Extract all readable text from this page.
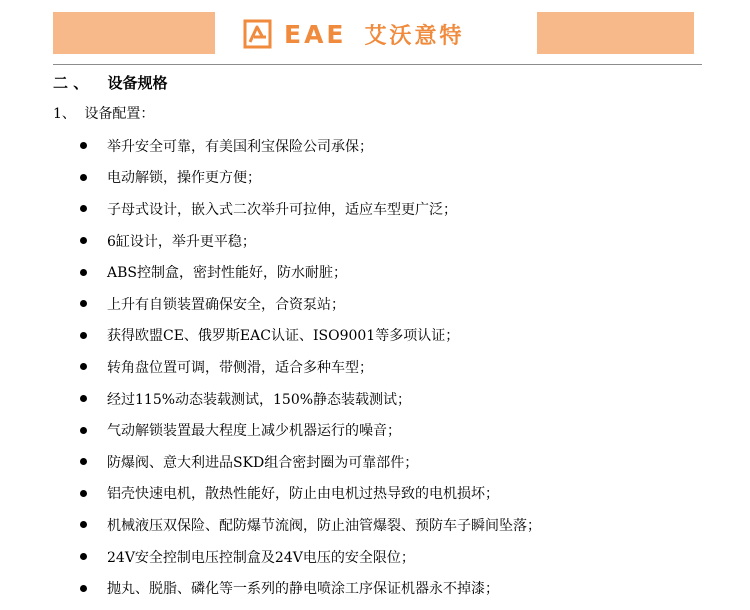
EAE 艾沃意特
二 、 设备规格
1、 设备配置：
举升安全可靠，有美国利宝保险公司承保；
电动解锁，操作更方便；
子母式设计，嵌入式二次举升可拉伸，适应车型更广泛；
6缸设计，举升更平稳；
ABS控制盒，密封性能好，防水耐脏；
上升有自锁装置确保安全，合资泵站；
获得欧盟CE、俄罗斯EAC认证、ISO9001等多项认证；
转角盘位置可调，带侧滑，适合多种车型；
经过115%动态装载测试，150%静态装载测试；
气动解锁装置最大程度上减少机器运行的噪音；
防爆阀、意大利进品SKD组合密封圈为可靠部件；
铝壳快速电机，散热性能好，防止由电机过热导致的电机损坏；
机械液压双保险、配防爆节流阀，防止油管爆裂、预防车子瞬间坠落；
24V安全控制电压控制盒及24V电压的安全限位；
抛丸、脱脂、磷化等一系列的静电喷涂工序保证机器永不掉漆；
